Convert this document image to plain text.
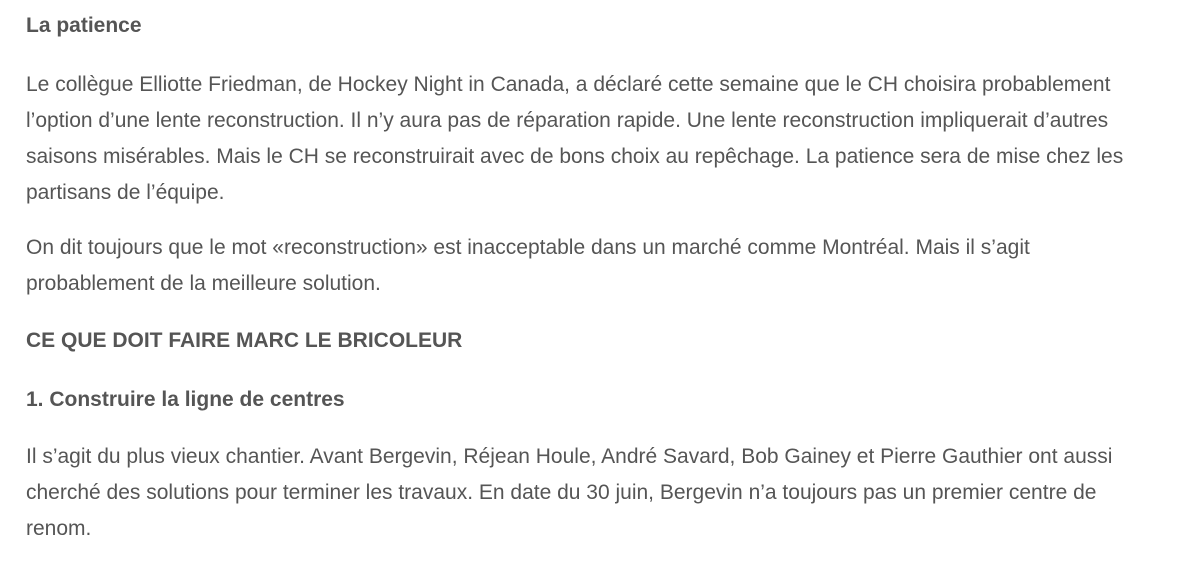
La patience

Le collègue Elliotte Friedman, de Hockey Night in Canada, a déclaré cette semaine que le CH choisira probablement l’option d’une lente reconstruction. Il n’y aura pas de réparation rapide. Une lente reconstruction impliquerait d’autres saisons misérables. Mais le CH se reconstruirait avec de bons choix au repêchage. La patience sera de mise chez les partisans de l’équipe.

On dit toujours que le mot «reconstruction» est inacceptable dans un marché comme Montréal. Mais il s’agit probablement de la meilleure solution.

CE QUE DOIT FAIRE MARC LE BRICOLEUR
1. Construire la ligne de centres

Il s’agit du plus vieux chantier. Avant Bergevin, Réjean Houle, André Savard, Bob Gainey et Pierre Gauthier ont aussi cherché des solutions pour terminer les travaux. En date du 30 juin, Bergevin n’a toujours pas un premier centre de renom.
